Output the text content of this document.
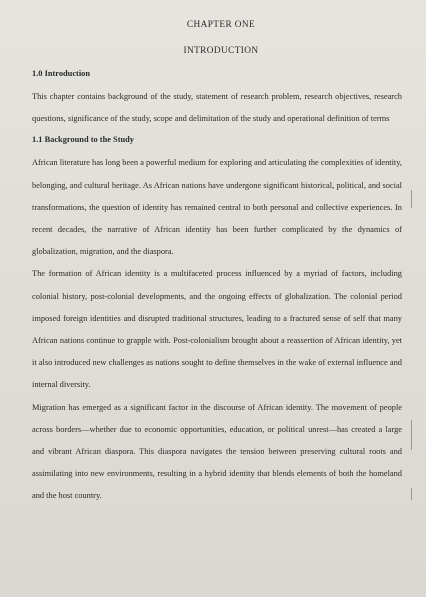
CHAPTER ONE
INTRODUCTION
1.0 Introduction

This chapter contains background of the study, statement of research problem, research objectives, research questions, significance of the study, scope and delimitation of the study and operational definition of terms

1.1 Background to the Study

African literature has long been a powerful medium for exploring and articulating the complexities of identity, belonging, and cultural heritage. As African nations have undergone significant historical, political, and social transformations, the question of identity has remained central to both personal and collective experiences. In recent decades, the narrative of African identity has been further complicated by the dynamics of globalization, migration, and the diaspora.

The formation of African identity is a multifaceted process influenced by a myriad of factors, including colonial history, post-colonial developments, and the ongoing effects of globalization. The colonial period imposed foreign identities and disrupted traditional structures, leading to a fractured sense of self that many African nations continue to grapple with. Post-colonialism brought about a reassertion of African identity, yet it also introduced new challenges as nations sought to define themselves in the wake of external influence and internal diversity.

Migration has emerged as a significant factor in the discourse of African identity. The movement of people across borders—whether due to economic opportunities, education, or political unrest—has created a large and vibrant African diaspora. This diaspora navigates the tension between preserving cultural roots and assimilating into new environments, resulting in a hybrid identity that blends elements of both the homeland and the host country.
